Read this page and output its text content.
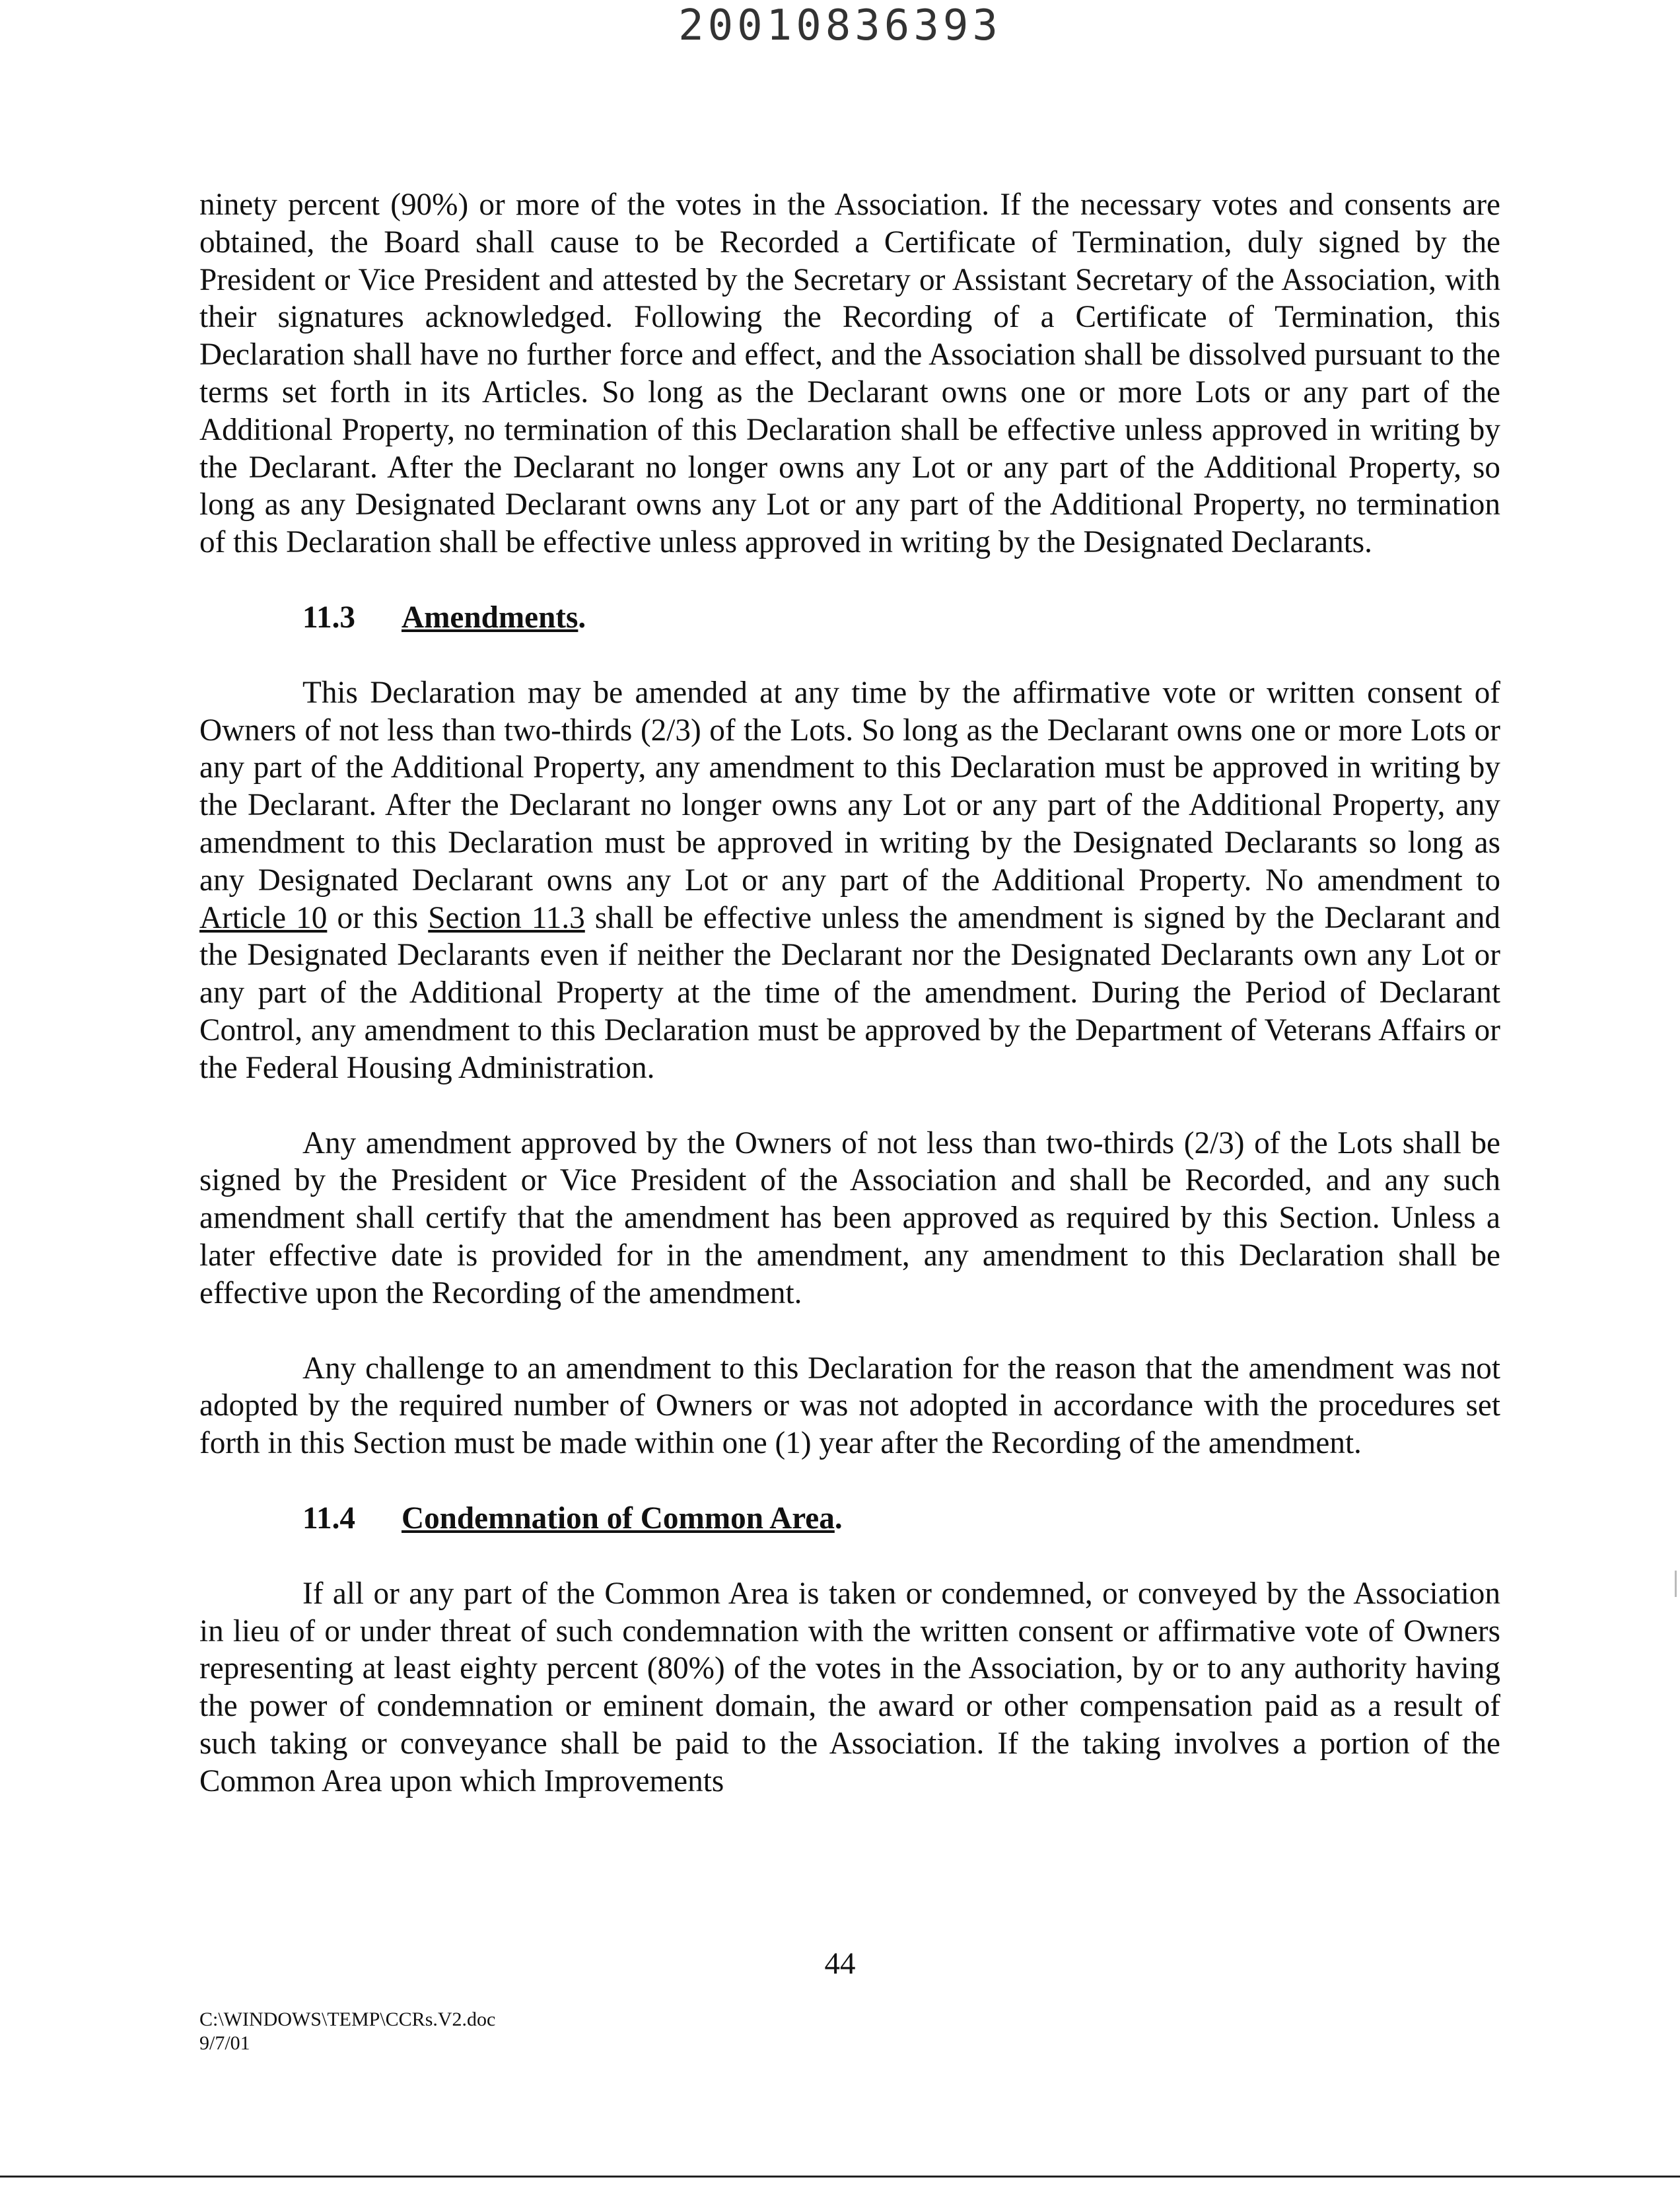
20010836393

ninety percent (90%) or more of the votes in the Association. If the necessary votes and consents are obtained, the Board shall cause to be Recorded a Certificate of Termination, duly signed by the President or Vice President and attested by the Secretary or Assistant Secretary of the Association, with their signatures acknowledged. Following the Recording of a Certificate of Termination, this Declaration shall have no further force and effect, and the Association shall be dissolved pursuant to the terms set forth in its Articles. So long as the Declarant owns one or more Lots or any part of the Additional Property, no termination of this Declaration shall be effective unless approved in writing by the Declarant. After the Declarant no longer owns any Lot or any part of the Additional Property, so long as any Designated Declarant owns any Lot or any part of the Additional Property, no termination of this Declaration shall be effective unless approved in writing by the Designated Declarants.

11.3 Amendments.

This Declaration may be amended at any time by the affirmative vote or written consent of Owners of not less than two-thirds (2/3) of the Lots. So long as the Declarant owns one or more Lots or any part of the Additional Property, any amendment to this Declaration must be approved in writing by the Declarant. After the Declarant no longer owns any Lot or any part of the Additional Property, any amendment to this Declaration must be approved in writing by the Designated Declarants so long as any Designated Declarant owns any Lot or any part of the Additional Property. No amendment to Article 10 or this Section 11.3 shall be effective unless the amendment is signed by the Declarant and the Designated Declarants even if neither the Declarant nor the Designated Declarants own any Lot or any part of the Additional Property at the time of the amendment. During the Period of Declarant Control, any amendment to this Declaration must be approved by the Department of Veterans Affairs or the Federal Housing Administration.

Any amendment approved by the Owners of not less than two-thirds (2/3) of the Lots shall be signed by the President or Vice President of the Association and shall be Recorded, and any such amendment shall certify that the amendment has been approved as required by this Section. Unless a later effective date is provided for in the amendment, any amendment to this Declaration shall be effective upon the Recording of the amendment.

Any challenge to an amendment to this Declaration for the reason that the amendment was not adopted by the required number of Owners or was not adopted in accordance with the procedures set forth in this Section must be made within one (1) year after the Recording of the amendment.

11.4 Condemnation of Common Area.

If all or any part of the Common Area is taken or condemned, or conveyed by the Association in lieu of or under threat of such condemnation with the written consent or affirmative vote of Owners representing at least eighty percent (80%) of the votes in the Association, by or to any authority having the power of condemnation or eminent domain, the award or other compensation paid as a result of such taking or conveyance shall be paid to the Association. If the taking involves a portion of the Common Area upon which Improvements

44
C:\WINDOWS\TEMP\CCRs.V2.doc
9/7/01
